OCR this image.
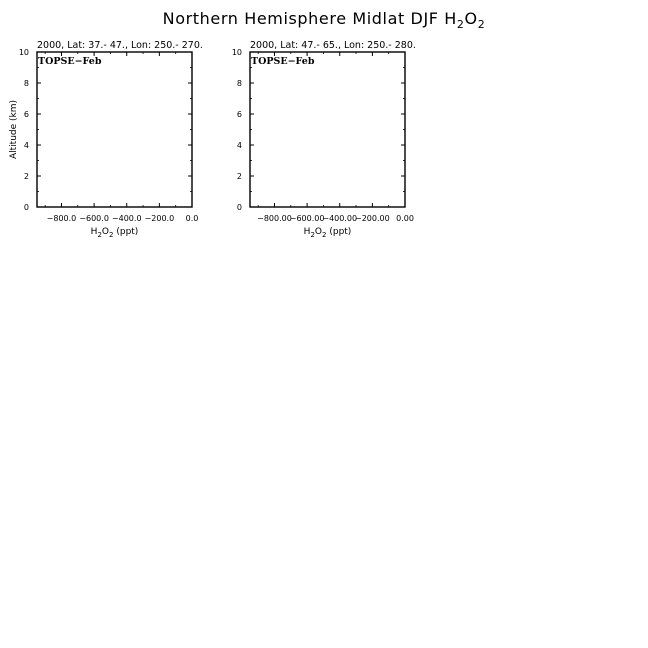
Northern Hemisphere Midlat DJF $H_2O_2$
2000, Lat: 37.- 47., Lon: 250.- 270.
TOPSE−Feb
0
2
4
6
8
10
−800.0 −600.0 −400.0 −200.0 0.0
$H_2O_2$ (ppt)
Altitude (km)
2000, Lat: 47.- 65., Lon: 250.- 280.
TOPSE−Feb
0
2
4
6
8
10
−800.00
−600.00
−400.00
−200.00 0.00
$H_2O_2$ (ppt)
